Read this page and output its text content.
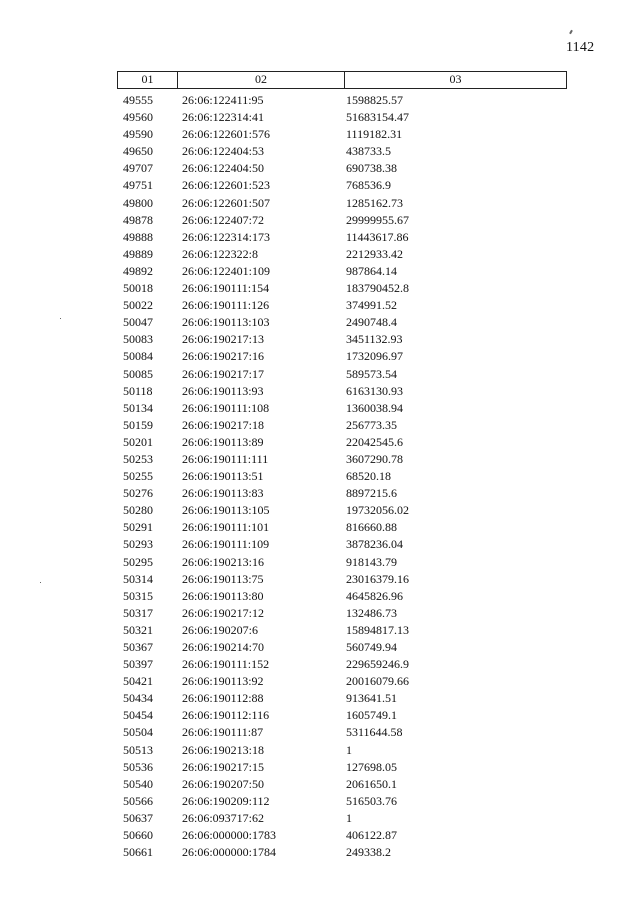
1142
01	02	03
49555	26:06:122411:95	1598825.57
49560	26:06:122314:41	51683154.47
49590	26:06:122601:576	1119182.31
49650	26:06:122404:53	438733.5
49707	26:06:122404:50	690738.38
49751	26:06:122601:523	768536.9
49800	26:06:122601:507	1285162.73
49878	26:06:122407:72	29999955.67
49888	26:06:122314:173	11443617.86
49889	26:06:122322:8	2212933.42
49892	26:06:122401:109	987864.14
50018	26:06:190111:154	183790452.8
50022	26:06:190111:126	374991.52
50047	26:06:190113:103	2490748.4
50083	26:06:190217:13	3451132.93
50084	26:06:190217:16	1732096.97
50085	26:06:190217:17	589573.54
50118	26:06:190113:93	6163130.93
50134	26:06:190111:108	1360038.94
50159	26:06:190217:18	256773.35
50201	26:06:190113:89	22042545.6
50253	26:06:190111:111	3607290.78
50255	26:06:190113:51	68520.18
50276	26:06:190113:83	8897215.6
50280	26:06:190113:105	19732056.02
50291	26:06:190111:101	816660.88
50293	26:06:190111:109	3878236.04
50295	26:06:190213:16	918143.79
50314	26:06:190113:75	23016379.16
50315	26:06:190113:80	4645826.96
50317	26:06:190217:12	132486.73
50321	26:06:190207:6	15894817.13
50367	26:06:190214:70	560749.94
50397	26:06:190111:152	229659246.9
50421	26:06:190113:92	20016079.66
50434	26:06:190112:88	913641.51
50454	26:06:190112:116	1605749.1
50504	26:06:190111:87	5311644.58
50513	26:06:190213:18	1
50536	26:06:190217:15	127698.05
50540	26:06:190207:50	2061650.1
50566	26:06:190209:112	516503.76
50637	26:06:093717:62	1
50660	26:06:000000:1783	406122.87
50661	26:06:000000:1784	249338.2
